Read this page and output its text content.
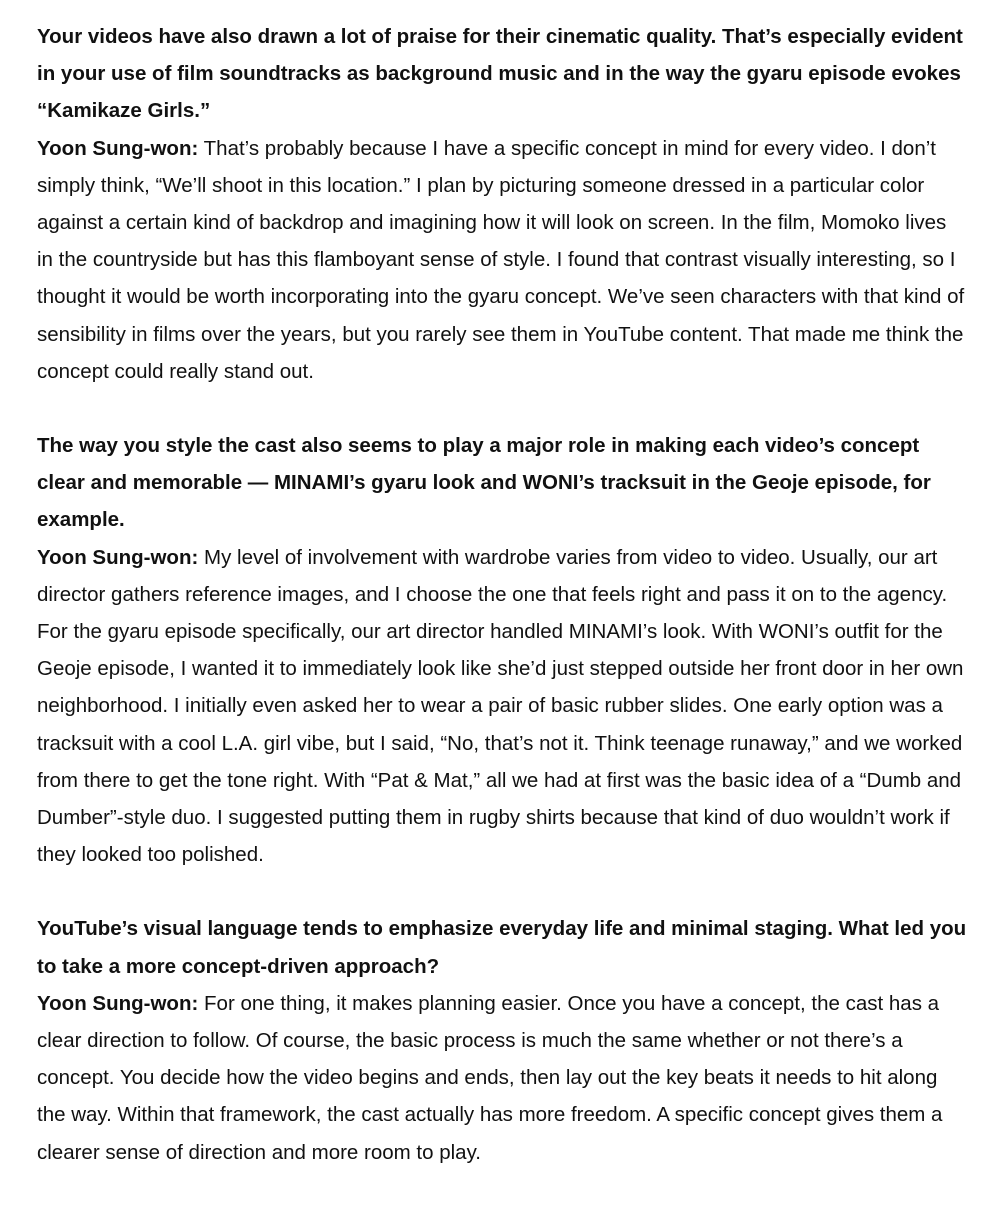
Your videos have also drawn a lot of praise for their cinematic quality. That’s especially evident in your use of film soundtracks as background music and in the way the gyaru episode evokes “Kamikaze Girls.”

Yoon Sung-won: That’s probably because I have a specific concept in mind for every video. I don’t simply think, “We’ll shoot in this location.” I plan by picturing someone dressed in a particular color against a certain kind of backdrop and imagining how it will look on screen. In the film, Momoko lives in the countryside but has this flamboyant sense of style. I found that contrast visually interesting, so I thought it would be worth incorporating into the gyaru concept. We’ve seen characters with that kind of sensibility in films over the years, but you rarely see them in YouTube content. That made me think the concept could really stand out.

The way you style the cast also seems to play a major role in making each video’s concept clear and memorable — MINAMI’s gyaru look and WONI’s tracksuit in the Geoje episode, for example.

Yoon Sung-won: My level of involvement with wardrobe varies from video to video. Usually, our art director gathers reference images, and I choose the one that feels right and pass it on to the agency. For the gyaru episode specifically, our art director handled MINAMI’s look. With WONI’s outfit for the Geoje episode, I wanted it to immediately look like she’d just stepped outside her front door in her own neighborhood. I initially even asked her to wear a pair of basic rubber slides. One early option was a tracksuit with a cool L.A. girl vibe, but I said, “No, that’s not it. Think teenage runaway,” and we worked from there to get the tone right. With “Pat & Mat,” all we had at first was the basic idea of a “Dumb and Dumber”-style duo. I suggested putting them in rugby shirts because that kind of duo wouldn’t work if they looked too polished.

YouTube’s visual language tends to emphasize everyday life and minimal staging. What led you to take a more concept-driven approach?

Yoon Sung-won: For one thing, it makes planning easier. Once you have a concept, the cast has a clear direction to follow. Of course, the basic process is much the same whether or not there’s a concept. You decide how the video begins and ends, then lay out the key beats it needs to hit along the way. Within that framework, the cast actually has more freedom. A specific concept gives them a clearer sense of direction and more room to play.
